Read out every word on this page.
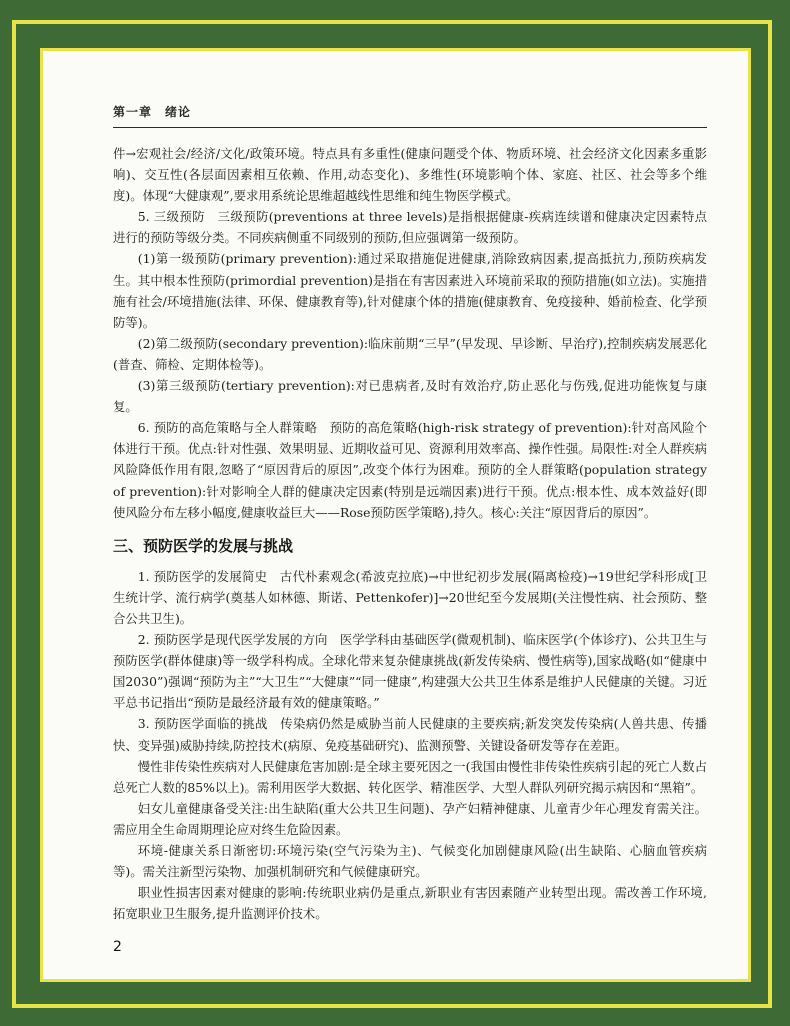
第一章　绪论

件→宏观社会/经济/文化/政策环境。特点具有多重性(健康问题受个体、物质环境、社会经济文化因素多重影响)、交互性(各层面因素相互依赖、作用,动态变化)、多维性(环境影响个体、家庭、社区、社会等多个维度)。体现“大健康观”,要求用系统论思维超越线性思维和纯生物医学模式。

5. 三级预防　三级预防(preventions at three levels)是指根据健康-疾病连续谱和健康决定因素特点进行的预防等级分类。不同疾病侧重不同级别的预防,但应强调第一级预防。

(1)第一级预防(primary prevention):通过采取措施促进健康,消除致病因素,提高抵抗力,预防疾病发生。其中根本性预防(primordial prevention)是指在有害因素进入环境前采取的预防措施(如立法)。实施措施有社会/环境措施(法律、环保、健康教育等),针对健康个体的措施(健康教育、免疫接种、婚前检查、化学预防等)。

(2)第二级预防(secondary prevention):临床前期“三早”(早发现、早诊断、早治疗),控制疾病发展恶化(普查、筛检、定期体检等)。

(3)第三级预防(tertiary prevention):对已患病者,及时有效治疗,防止恶化与伤残,促进功能恢复与康复。

6. 预防的高危策略与全人群策略　预防的高危策略(high-risk strategy of prevention):针对高风险个体进行干预。优点:针对性强、效果明显、近期收益可见、资源利用效率高、操作性强。局限性:对全人群疾病风险降低作用有限,忽略了“原因背后的原因”,改变个体行为困难。预防的全人群策略(population strategy of prevention):针对影响全人群的健康决定因素(特别是远端因素)进行干预。优点:根本性、成本效益好(即使风险分布左移小幅度,健康收益巨大——Rose预防医学策略),持久。核心:关注“原因背后的原因”。

三、预防医学的发展与挑战

1. 预防医学的发展简史　古代朴素观念(希波克拉底)→中世纪初步发展(隔离检疫)→19世纪学科形成[卫生统计学、流行病学(奠基人如林德、斯诺、Pettenkofer)]→20世纪至今发展期(关注慢性病、社会预防、整合公共卫生)。

2. 预防医学是现代医学发展的方向　医学学科由基础医学(微观机制)、临床医学(个体诊疗)、公共卫生与预防医学(群体健康)等一级学科构成。全球化带来复杂健康挑战(新发传染病、慢性病等),国家战略(如“健康中国2030”)强调“预防为主”“大卫生”“大健康”“同一健康”,构建强大公共卫生体系是维护人民健康的关键。习近平总书记指出“预防是最经济最有效的健康策略。”

3. 预防医学面临的挑战　传染病仍然是威胁当前人民健康的主要疾病;新发突发传染病(人兽共患、传播快、变异强)威胁持续,防控技术(病原、免疫基础研究)、监测预警、关键设备研发等存在差距。

慢性非传染性疾病对人民健康危害加剧:是全球主要死因之一(我国由慢性非传染性疾病引起的死亡人数占总死亡人数的85%以上)。需利用医学大数据、转化医学、精准医学、大型人群队列研究揭示病因和“黑箱”。

妇女儿童健康备受关注:出生缺陷(重大公共卫生问题)、孕产妇精神健康、儿童青少年心理发育需关注。需应用全生命周期理论应对终生危险因素。

环境-健康关系日渐密切:环境污染(空气污染为主)、气候变化加剧健康风险(出生缺陷、心脑血管疾病等)。需关注新型污染物、加强机制研究和气候健康研究。

职业性损害因素对健康的影响:传统职业病仍是重点,新职业有害因素随产业转型出现。需改善工作环境,拓宽职业卫生服务,提升监测评价技术。

2
